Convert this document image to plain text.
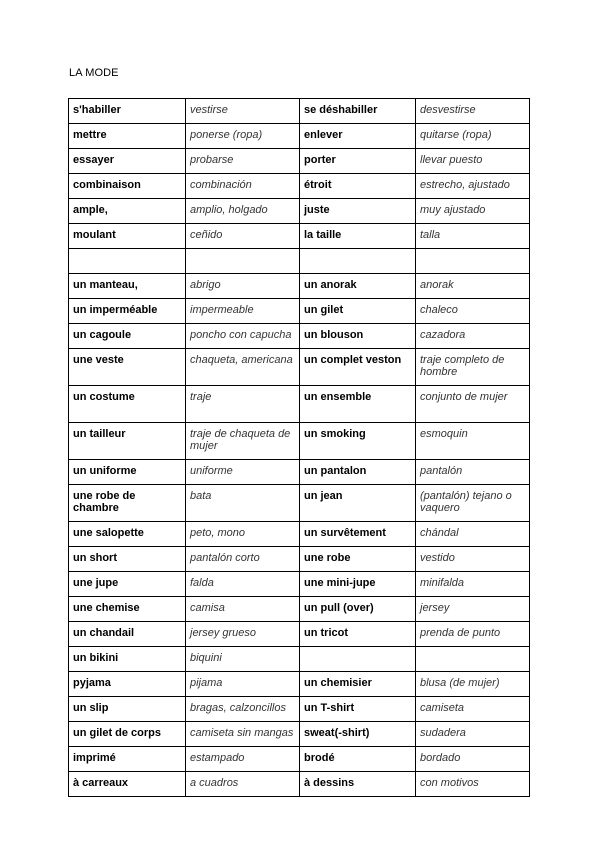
LA MODE
s'habiller	vestirse	se déshabiller	desvestirse
mettre	ponerse (ropa)	enlever	quitarse (ropa)
essayer	probarse	porter	llevar puesto
combinaison	combinación	étroit	estrecho, ajustado
ample,	amplio, holgado	juste	muy ajustado
moulant	ceñido	la taille	talla

un manteau,	abrigo	un anorak	anorak
un imperméable	impermeable	un gilet	chaleco
un cagoule	poncho con capucha	un blouson	cazadora
une veste	chaqueta, americana	un complet veston	traje completo de hombre
un costume	traje	un ensemble	conjunto de mujer
un tailleur	traje de chaqueta de mujer	un smoking	esmoquin
un uniforme	uniforme	un pantalon	pantalón
une robe de chambre	bata	un jean	(pantalón) tejano o vaquero
une salopette	peto, mono	un survêtement	chándal
un short	pantalón corto	une robe	vestido
une jupe	falda	une mini-jupe	minifalda
une chemise	camisa	un pull (over)	jersey
un chandail	jersey grueso	un tricot	prenda de punto
un bikini	biquini		
pyjama	pijama	un chemisier	blusa (de mujer)
un slip	bragas, calzoncillos	un T-shirt	camiseta
un gilet de corps	camiseta sin mangas	sweat(-shirt)	sudadera
imprimé	estampado	brodé	bordado
à carreaux	a cuadros	à dessins	con motivos
